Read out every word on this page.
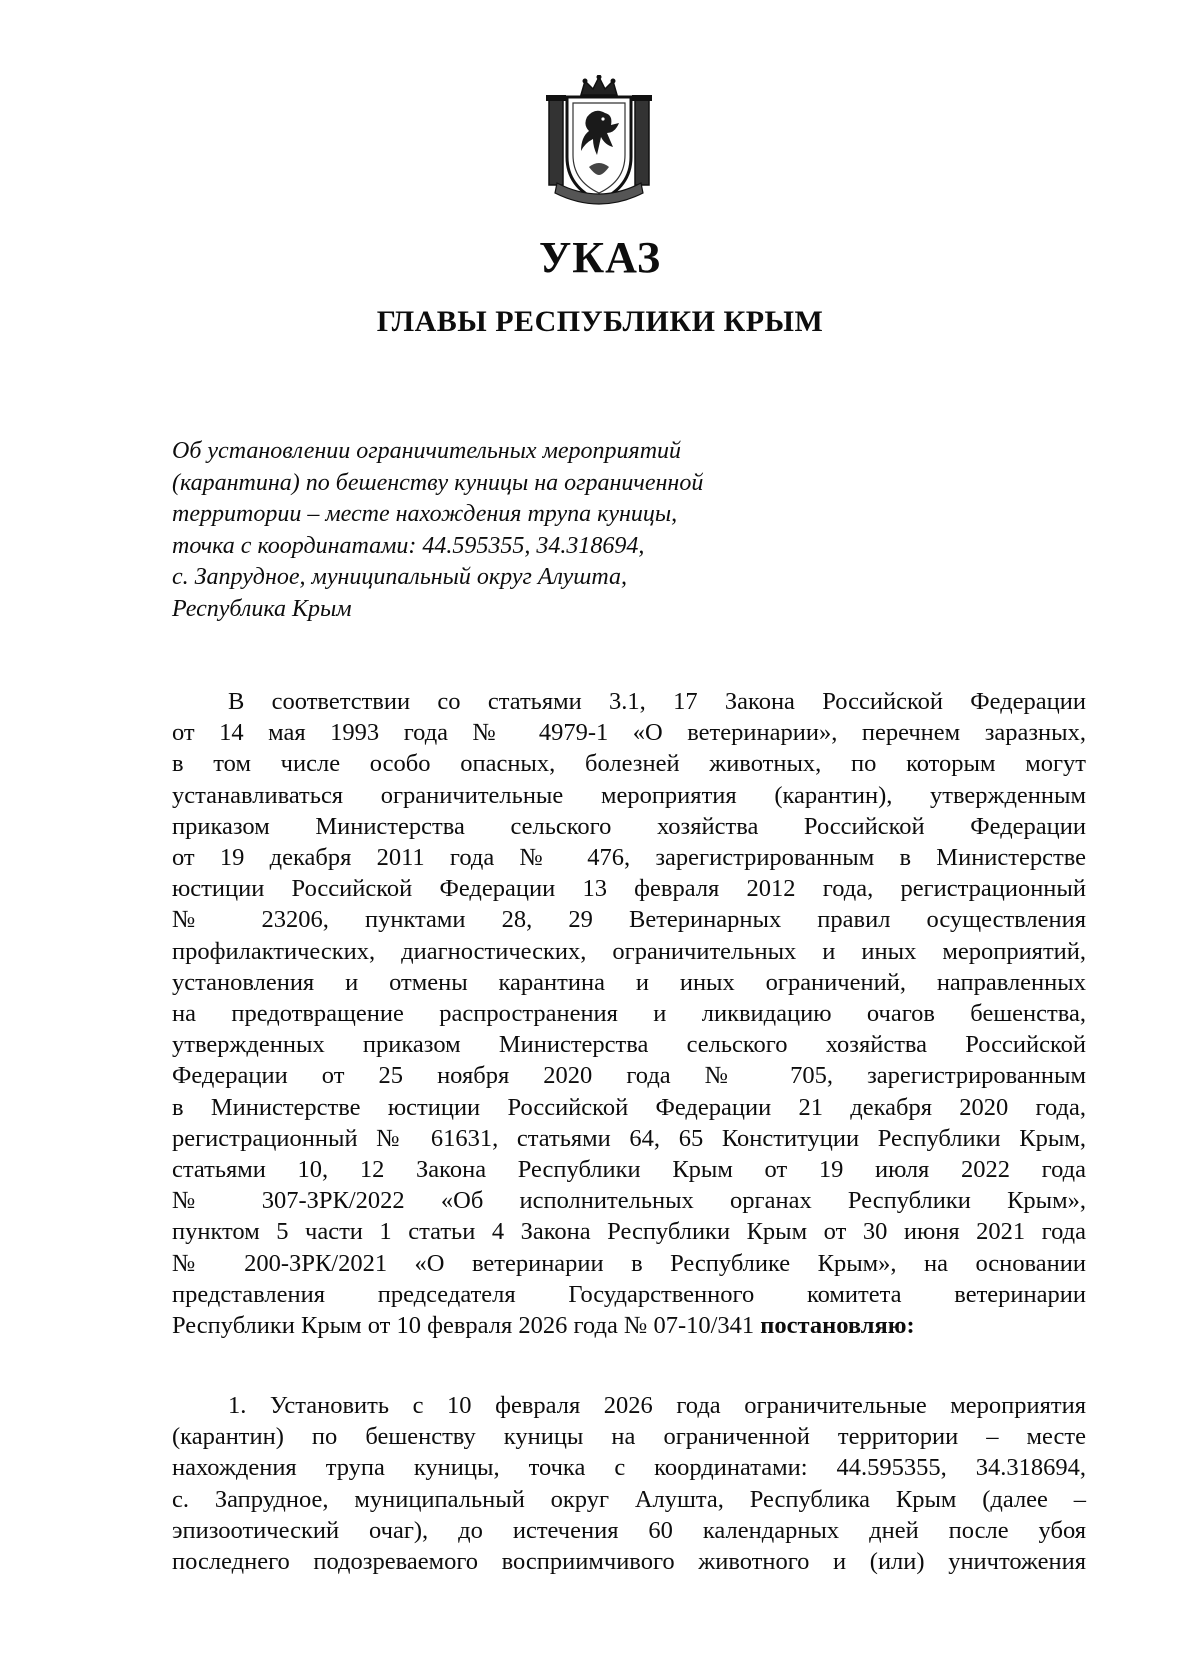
УКАЗ
ГЛАВЫ РЕСПУБЛИКИ КРЫМ
Об установлении ограничительных мероприятий
(карантина) по бешенству куницы на ограниченной
территории – месте нахождения трупа куницы,
точка с координатами: 44.595355, 34.318694,
с. Запрудное, муниципальный округ Алушта,
Республика Крым
В соответствии со статьями 3.1, 17 Закона Российской Федерации
от 14 мая 1993 года № 4979-1 «О ветеринарии», перечнем заразных,
в том числе особо опасных, болезней животных, по которым могут
устанавливаться ограничительные мероприятия (карантин), утвержденным
приказом Министерства сельского хозяйства Российской Федерации
от 19 декабря 2011 года № 476, зарегистрированным в Министерстве
юстиции Российской Федерации 13 февраля 2012 года, регистрационный
№ 23206, пунктами 28, 29 Ветеринарных правил осуществления
профилактических, диагностических, ограничительных и иных мероприятий,
установления и отмены карантина и иных ограничений, направленных
на предотвращение распространения и ликвидацию очагов бешенства,
утвержденных приказом Министерства сельского хозяйства Российской
Федерации от 25 ноября 2020 года № 705, зарегистрированным
в Министерстве юстиции Российской Федерации 21 декабря 2020 года,
регистрационный № 61631, статьями 64, 65 Конституции Республики Крым,
статьями 10, 12 Закона Республики Крым от 19 июля 2022 года
№ 307-ЗРК/2022 «Об исполнительных органах Республики Крым»,
пунктом 5 части 1 статьи 4 Закона Республики Крым от 30 июня 2021 года
№ 200-ЗРК/2021 «О ветеринарии в Республике Крым», на основании
представления председателя Государственного комитета ветеринарии
Республики Крым от 10 февраля 2026 года № 07-10/341 постановляю:
1. Установить с 10 февраля 2026 года ограничительные мероприятия
(карантин) по бешенству куницы на ограниченной территории – месте
нахождения трупа куницы, точка с координатами: 44.595355, 34.318694,
с. Запрудное, муниципальный округ Алушта, Республика Крым (далее –
эпизоотический очаг), до истечения 60 календарных дней после убоя
последнего подозреваемого восприимчивого животного и (или) уничтожения
